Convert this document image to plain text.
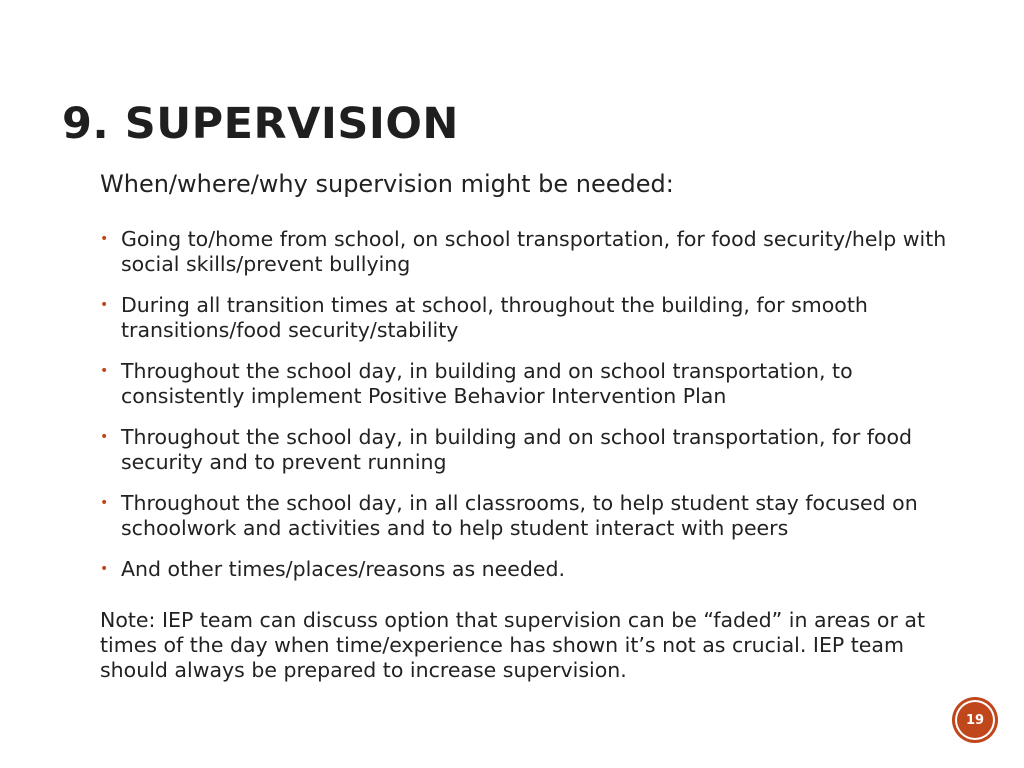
9. SUPERVISION

When/where/why supervision might be needed:

• Going to/home from school, on school transportation, for food security/help with social skills/prevent bullying
• During all transition times at school, throughout the building, for smooth transitions/food security/stability
• Throughout the school day, in building and on school transportation, to consistently implement Positive Behavior Intervention Plan
• Throughout the school day, in building and on school transportation, for food security and to prevent running
• Throughout the school day, in all classrooms, to help student stay focused on schoolwork and activities and to help student interact with peers
• And other times/places/reasons as needed.

Note: IEP team can discuss option that supervision can be “faded” in areas or at times of the day when time/experience has shown it’s not as crucial. IEP team should always be prepared to increase supervision.

19
